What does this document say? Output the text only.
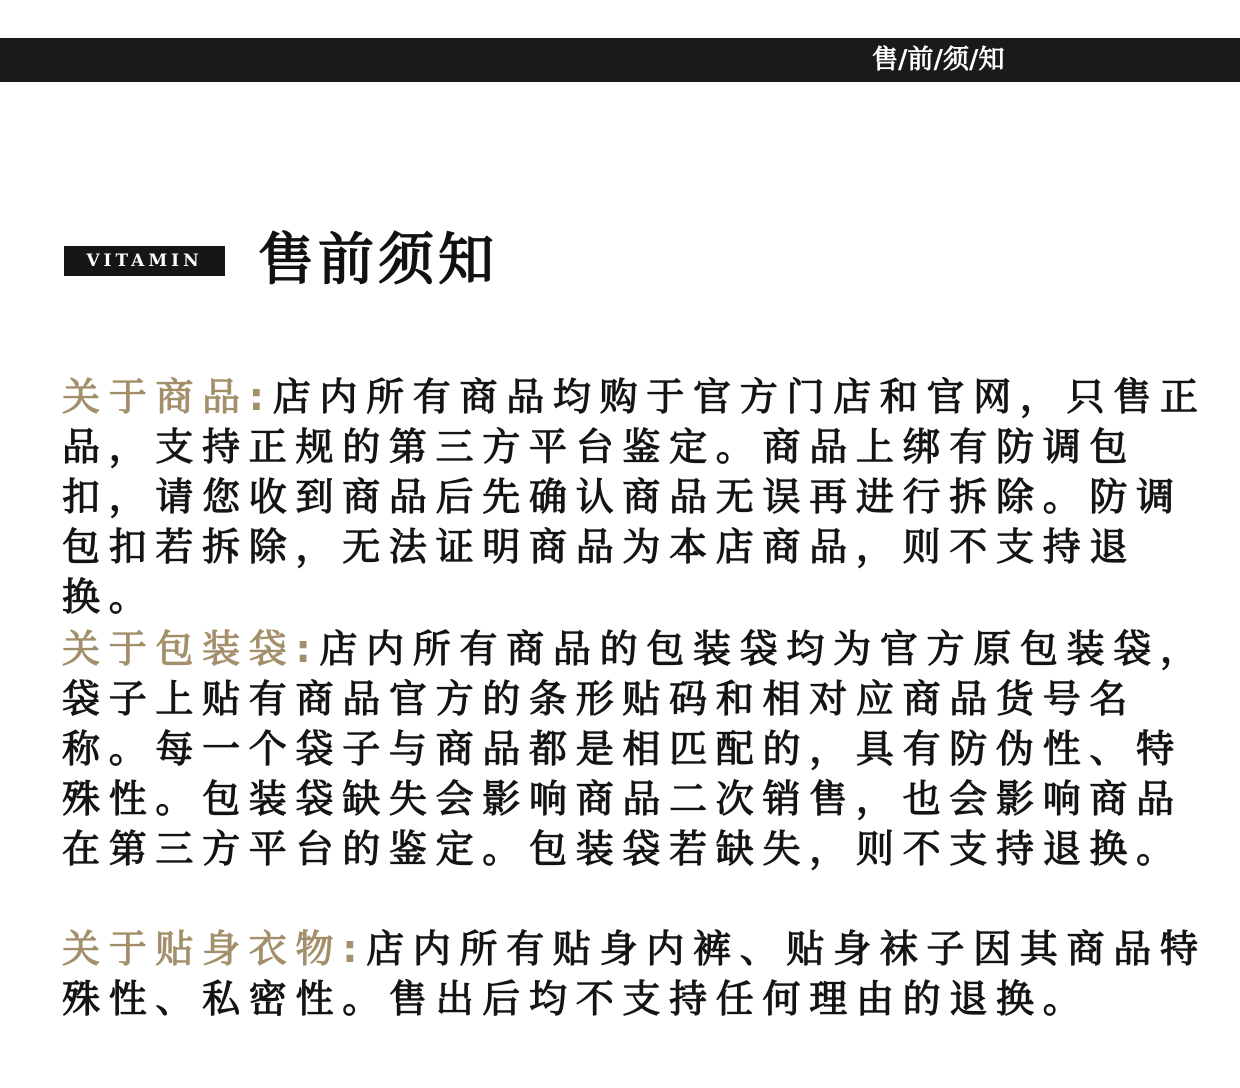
售/前/须/知
VITAMIN 售前须知
关于商品:店内所有商品均购于官方门店和官网，只售正品，支持正规的第三方平台鉴定。商品上绑有防调包扣，请您收到商品后先确认商品无误再进行拆除。防调包扣若拆除，无法证明商品为本店商品，则不支持退换。
关于包装袋:店内所有商品的包装袋均为官方原包装袋，袋子上贴有商品官方的条形贴码和相对应商品货号名称。每一个袋子与商品都是相匹配的，具有防伪性、特殊性。包装袋缺失会影响商品二次销售，也会影响商品在第三方平台的鉴定。包装袋若缺失，则不支持退换。
关于贴身衣物:店内所有贴身内裤、贴身袜子因其商品特殊性、私密性。售出后均不支持任何理由的退换。
